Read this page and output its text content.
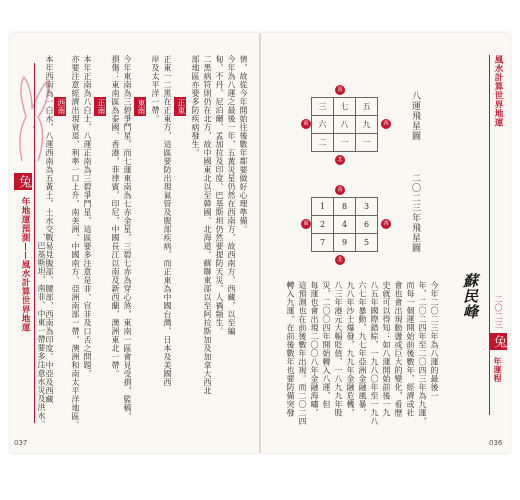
兔
年地運預測——風水計算世界地運
情，故從今年開始往後數年都要做好心理準備。
今年為八運之最後一年，五黃災星仍然在西南方，故西南方，西藏，以至編
甸、不丹、尼泊爾、孟加拉及印度、巴基斯坦仍然要提防天災，人禍頻生。
二黑病符則仍在北方，故中國東北以至韓國、北海道、蘇聯東部以至阿拉斯加及加拿大西北
部地區亦要多防疾病發生。
正東
正東一二黑在正東方，這區要防出現氣管及腹部疾病，而正東為中國台灣、日本及美國西
岸及太平洋一帶。
東南
今年東南為三碧爭鬥星，而七運東南為七赤金星，三碧七赤為穿心煞，東南一區會見受損，監稿，
損傷：東南區為泰國、香港，菲律賓，印尼，中國長江以南及新西蘭，澳洲東北一帶。
正南
本年正南為八白土，八運正南為三碧爭鬥星，這區要多注意是非、官非及口舌之問題，
亦要注意經濟出現衰退、利率一口上升，南美洲、中國南方、亞洲南部一帶，澳洲和南太平洋地區。
西南
本年西南為一白水，八運西南為五黃土，土水交戰易見腹部、腰部，西南為印度、中亞及西藏
、巴基斯坦，南非、中東一帶要多注意水災及洪水。
037
風水計算世界地運
八運飛星圖
南
東	西
北
三	七	五
六	八	九
二	一	一
二〇二三年飛星圖
南
東	西
北
1	8	3
2	4	6
7	9	5
今年二〇二三年為八運的最後一
年，二〇二四年至二〇四三年為九運，
而每一個運開始前後數年，經濟或社
會也會出現動盪或巨大的變化，看歷
史就可以得知：如八運開始前後一九
八五年國際錯綜，一九八〇年至一九八
六七年暴動，九七年亞洲金融風暴，
九八年沙士爆發，九九年金融危機，
八三年港元大幅貶值，一八九九年股
災，二〇〇四年開始轉入八運，但
每運也會出現二〇〇八年金融海嘯，
這預測也在前後數年出現。而二〇二四
轉入九運，在前後數年也要防備突發	蘇民峰 二〇二三
兔
年運程
036
